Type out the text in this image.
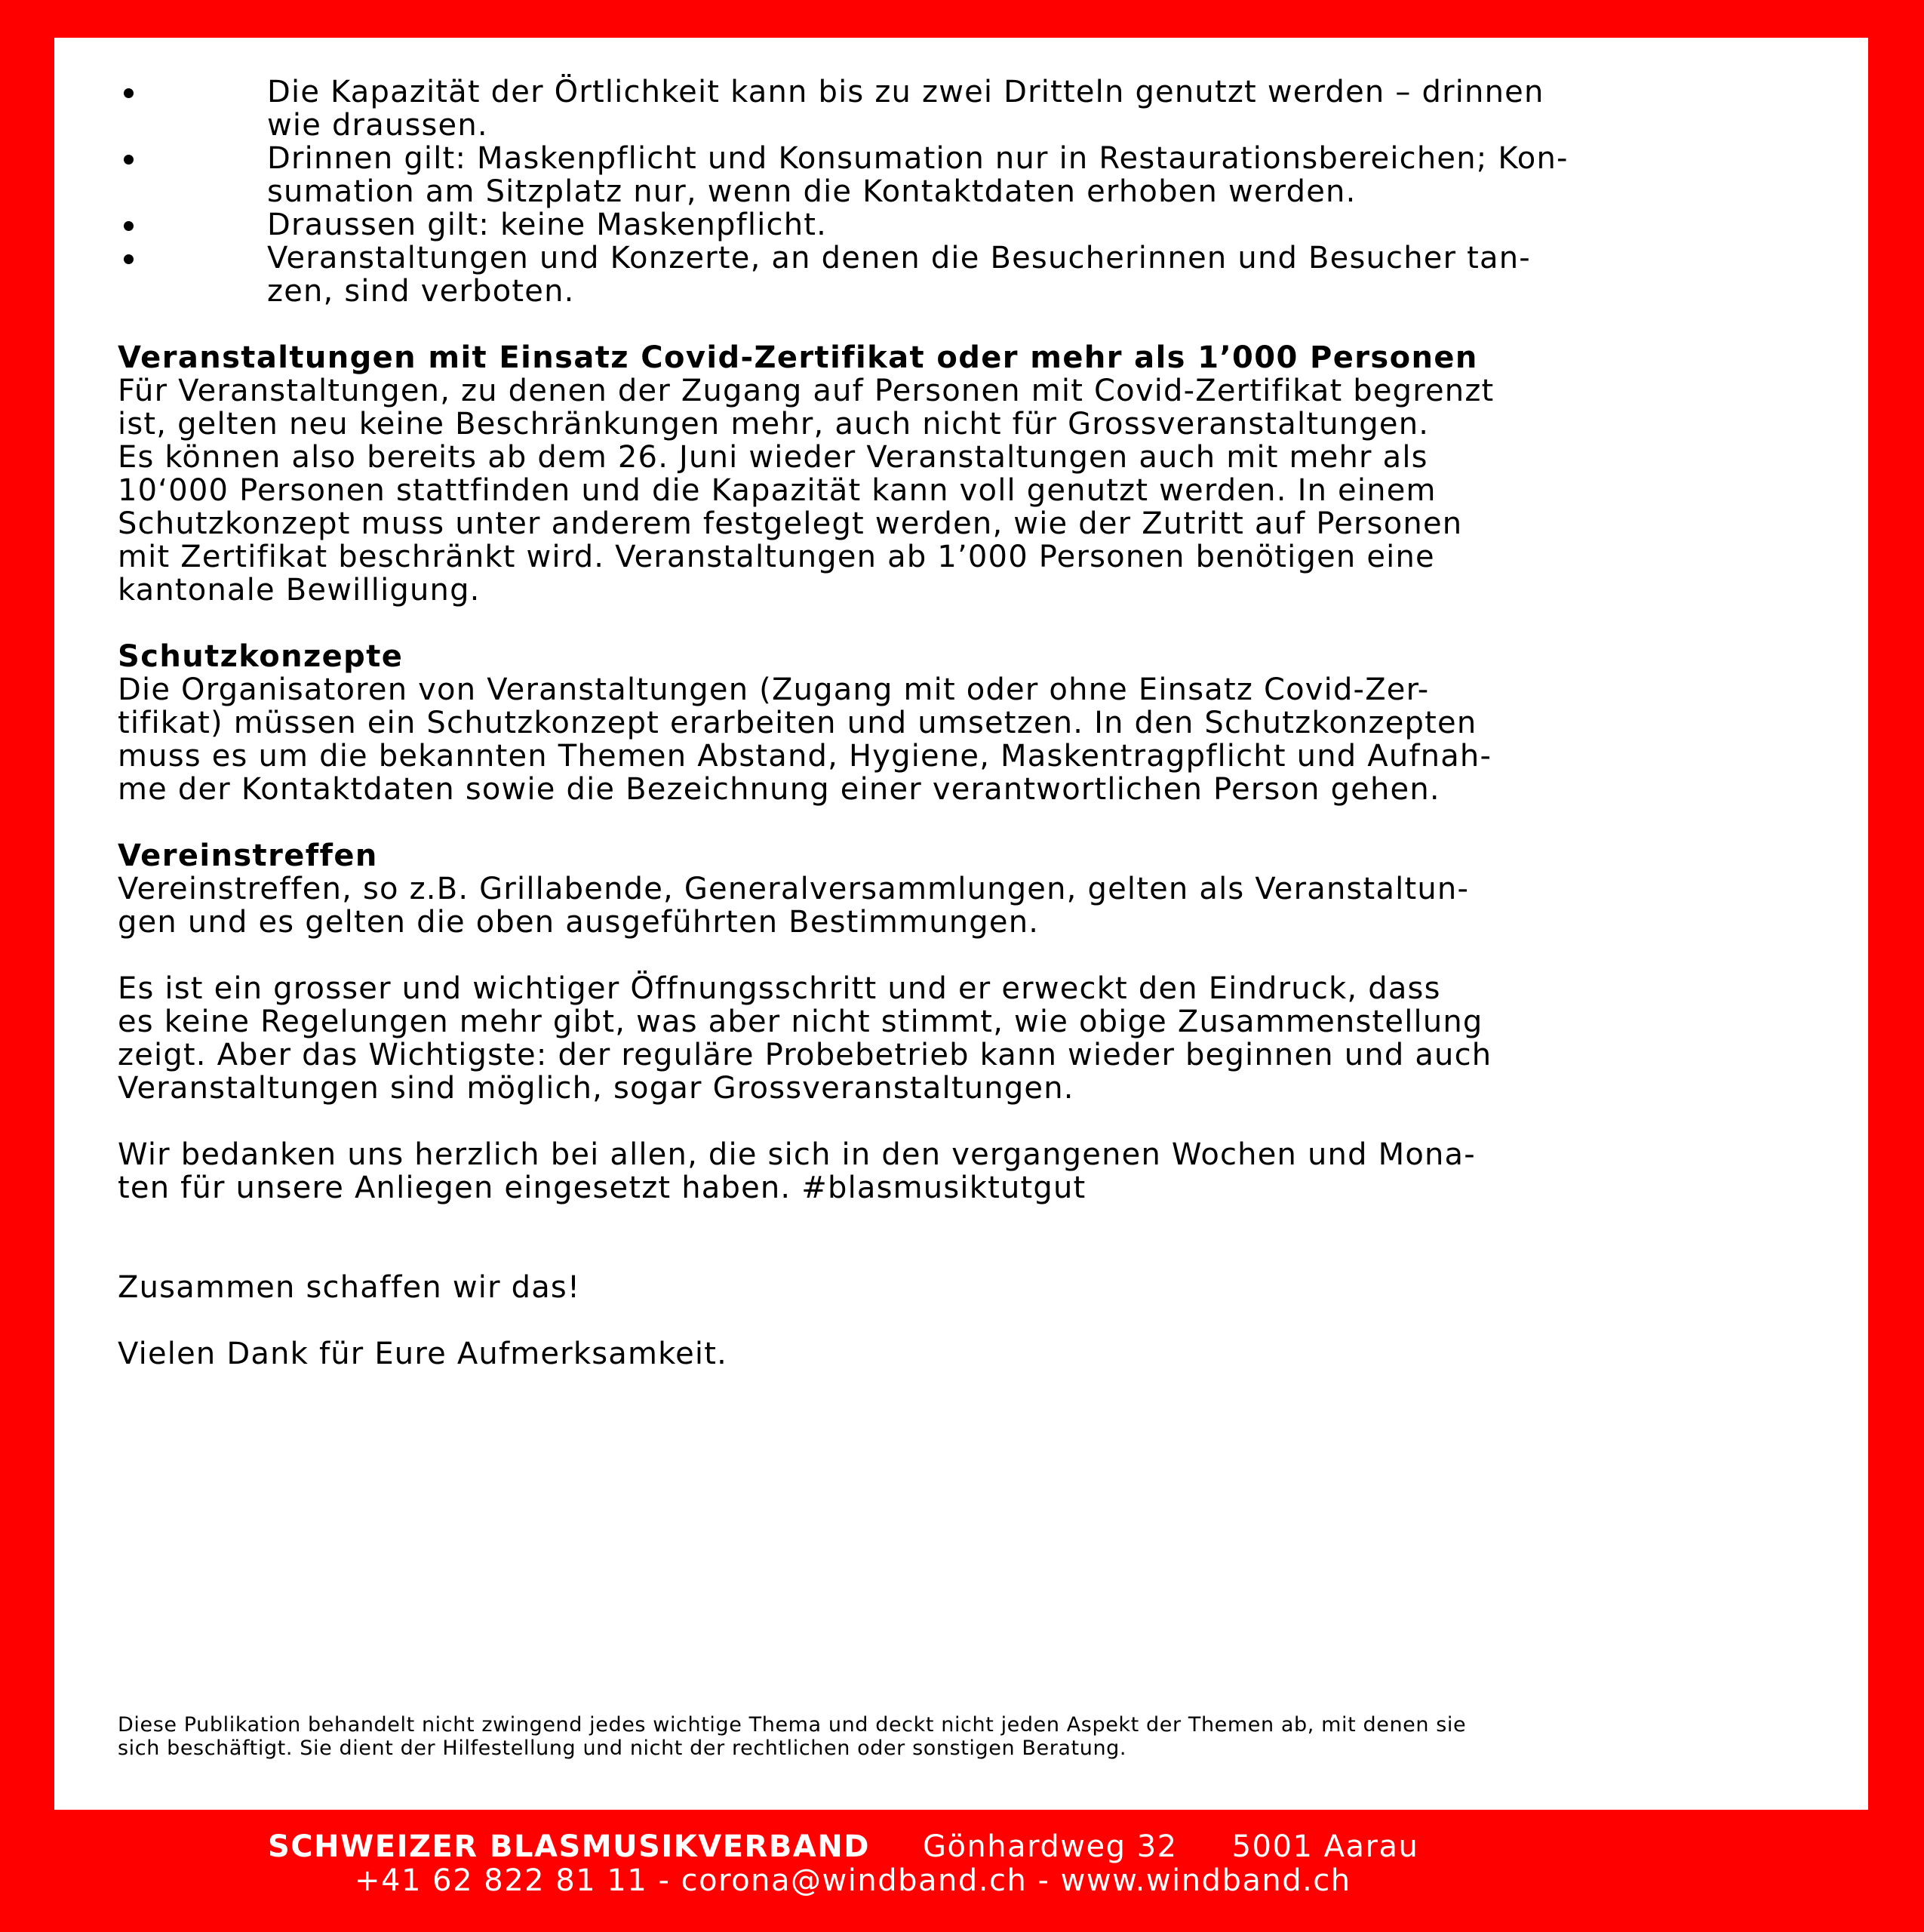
Die Kapazität der Örtlichkeit kann bis zu zwei Dritteln genutzt werden – drinnen
wie draussen.
Drinnen gilt: Maskenpflicht und Konsumation nur in Restaurationsbereichen; Kon-
sumation am Sitzplatz nur, wenn die Kontaktdaten erhoben werden.
Draussen gilt: keine Maskenpflicht.
Veranstaltungen und Konzerte, an denen die Besucherinnen und Besucher tan-
zen, sind verboten.
Veranstaltungen mit Einsatz Covid-Zertifikat oder mehr als 1’000 Personen
Für Veranstaltungen, zu denen der Zugang auf Personen mit Covid-Zertifikat begrenzt
ist, gelten neu keine Beschränkungen mehr, auch nicht für Grossveranstaltungen.
Es können also bereits ab dem 26. Juni wieder Veranstaltungen auch mit mehr als
10‘000 Personen stattfinden und die Kapazität kann voll genutzt werden. In einem
Schutzkonzept muss unter anderem festgelegt werden, wie der Zutritt auf Personen
mit Zertifikat beschränkt wird. Veranstaltungen ab 1’000 Personen benötigen eine
kantonale Bewilligung.
Schutzkonzepte
Die Organisatoren von Veranstaltungen (Zugang mit oder ohne Einsatz Covid-Zer-
tifikat) müssen ein Schutzkonzept erarbeiten und umsetzen. In den Schutzkonzepten
muss es um die bekannten Themen Abstand, Hygiene, Maskentragpflicht und Aufnah-
me der Kontaktdaten sowie die Bezeichnung einer verantwortlichen Person gehen.
Vereinstreffen
Vereinstreffen, so z.B. Grillabende, Generalversammlungen, gelten als Veranstaltun-
gen und es gelten die oben ausgeführten Bestimmungen.

Es ist ein grosser und wichtiger Öffnungsschritt und er erweckt den Eindruck, dass
es keine Regelungen mehr gibt, was aber nicht stimmt, wie obige Zusammenstellung
zeigt. Aber das Wichtigste: der reguläre Probebetrieb kann wieder beginnen und auch
Veranstaltungen sind möglich, sogar Grossveranstaltungen.

Wir bedanken uns herzlich bei allen, die sich in den vergangenen Wochen und Mona-
ten für unsere Anliegen eingesetzt haben. #blasmusiktutgut

Zusammen schaffen wir das!

Vielen Dank für Eure Aufmerksamkeit.

Diese Publikation behandelt nicht zwingend jedes wichtige Thema und deckt nicht jeden Aspekt der Themen ab, mit denen sie
sich beschäftigt. Sie dient der Hilfestellung und nicht der rechtlichen oder sonstigen Beratung.
SCHWEIZER BLASMUSIKVERBAND Gönhardweg 32 5001 Aarau
+41 62 822 81 11 - corona@windband.ch - www.windband.ch
